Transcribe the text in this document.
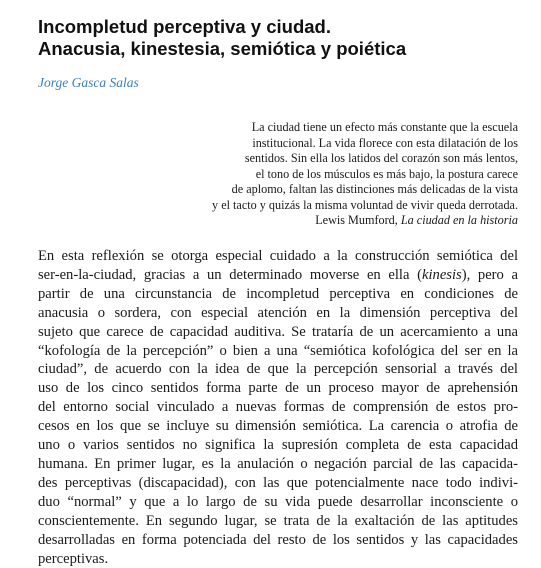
Incompletud perceptiva y ciudad.
Anacusia, kinestesia, semiótica y poiética
Jorge Gasca Salas
La ciudad tiene un efecto más constante que la escuela
institucional. La vida florece con esta dilatación de los
sentidos. Sin ella los latidos del corazón son más lentos,
el tono de los músculos es más bajo, la postura carece
de aplomo, faltan las distinciones más delicadas de la vista
y el tacto y quizás la misma voluntad de vivir queda derrotada.
Lewis Mumford, La ciudad en la historia
En esta reflexión se otorga especial cuidado a la construcción semiótica del
ser-en-la-ciudad, gracias a un determinado moverse en ella (kinesis), pero a
partir de una circunstancia de incompletud perceptiva en condiciones de
anacusia o sordera, con especial atención en la dimensión perceptiva del
sujeto que carece de capacidad auditiva. Se trataría de un acercamiento a una
“kofología de la percepción” o bien a una “semiótica kofológica del ser en la
ciudad”, de acuerdo con la idea de que la percepción sensorial a través del
uso de los cinco sentidos forma parte de un proceso mayor de aprehensión
del entorno social vinculado a nuevas formas de comprensión de estos pro-
cesos en los que se incluye su dimensión semiótica. La carencia o atrofia de
uno o varios sentidos no significa la supresión completa de esta capacidad
humana. En primer lugar, es la anulación o negación parcial de las capacida-
des perceptivas (discapacidad), con las que potencialmente nace todo indivi-
duo “normal” y que a lo largo de su vida puede desarrollar inconsciente o
conscientemente. En segundo lugar, se trata de la exaltación de las aptitudes
desarrolladas en forma potenciada del resto de los sentidos y las capacidades
perceptivas.
